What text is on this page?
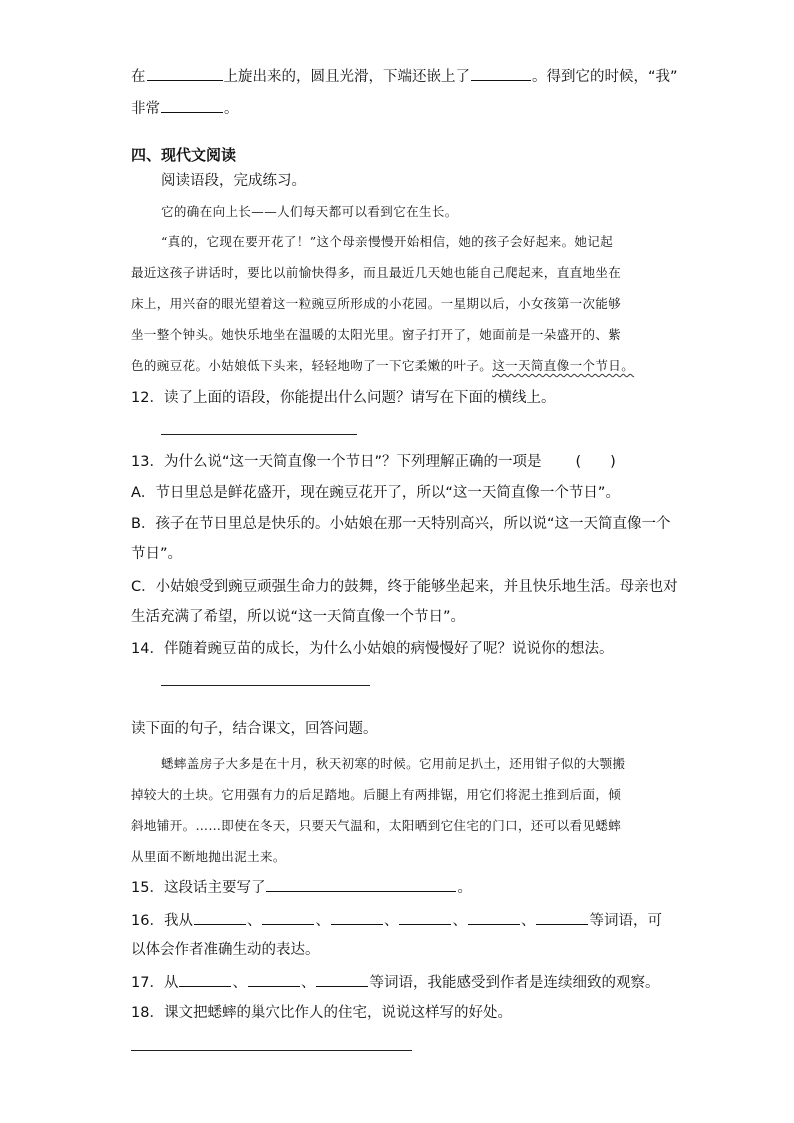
在	上旋出来的，圆且光滑，下端还嵌上了	。得到它的时候，“我”
非常	。
四、现代文阅读
阅读语段，完成练习。
它的确在向上长——人们每天都可以看到它在生长。
“真的，它现在要开花了！”这个母亲慢慢开始相信，她的孩子会好起来。她记起
最近这孩子讲话时，要比以前愉快得多，而且最近几天她也能自己爬起来，直直地坐在
床上，用兴奋的眼光望着这一粒豌豆所形成的小花园。一星期以后，小女孩第一次能够
坐一整个钟头。她快乐地坐在温暖的太阳光里。窗子打开了，她面前是一朵盛开的、紫
色的豌豆花。小姑娘低下头来，轻轻地吻了一下它柔嫩的叶子。这一天简直像一个节日。
12．读了上面的语段，你能提出什么问题？请写在下面的横线上。
13．为什么说“这一天简直像一个节日”？下列理解正确的一项是 (　　)
A．节日里总是鲜花盛开，现在豌豆花开了，所以“这一天简直像一个节日”。
B．孩子在节日里总是快乐的。小姑娘在那一天特别高兴，所以说“这一天简直像一个
节日”。
C．小姑娘受到豌豆顽强生命力的鼓舞，终于能够坐起来，并且快乐地生活。母亲也对
生活充满了希望，所以说“这一天简直像一个节日”。
14．伴随着豌豆苗的成长，为什么小姑娘的病慢慢好了呢？说说你的想法。
读下面的句子，结合课文，回答问题。
蟋蟀盖房子大多是在十月，秋天初寒的时候。它用前足扒土，还用钳子似的大颚搬
掉较大的土块。它用强有力的后足踏地。后腿上有两排锯，用它们将泥土推到后面，倾
斜地铺开。……即使在冬天，只要天气温和，太阳晒到它住宅的门口，还可以看见蟋蟀
从里面不断地抛出泥土来。
15．这段话主要写了	。
16．我从	、	、	、	、	、	等词语，可
以体会作者准确生动的表达。
17．从	、	、	等词语，我能感受到作者是连续细致的观察。
18．课文把蟋蟀的巢穴比作人的住宅，说说这样写的好处。
